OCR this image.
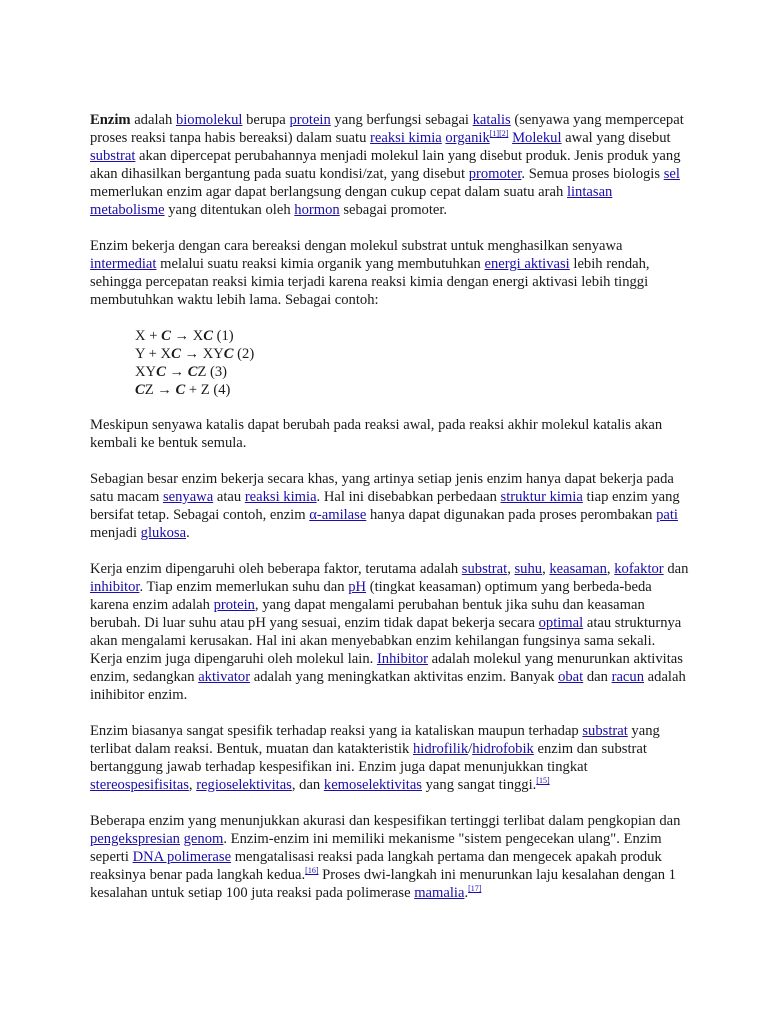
Enzim adalah biomolekul berupa protein yang berfungsi sebagai katalis (senyawa yang mempercepat proses reaksi tanpa habis bereaksi) dalam suatu reaksi kimia organik[1][2] Molekul awal yang disebut substrat akan dipercepat perubahannya menjadi molekul lain yang disebut produk. Jenis produk yang akan dihasilkan bergantung pada suatu kondisi/zat, yang disebut promoter. Semua proses biologis sel memerlukan enzim agar dapat berlangsung dengan cukup cepat dalam suatu arah lintasan metabolisme yang ditentukan oleh hormon sebagai promoter.

Enzim bekerja dengan cara bereaksi dengan molekul substrat untuk menghasilkan senyawa intermediat melalui suatu reaksi kimia organik yang membutuhkan energi aktivasi lebih rendah, sehingga percepatan reaksi kimia terjadi karena reaksi kimia dengan energi aktivasi lebih tinggi membutuhkan waktu lebih lama. Sebagai contoh:

X + C → XC (1)
Y + XC → XYC (2)
XYC → CZ (3)
CZ → C + Z (4)

Meskipun senyawa katalis dapat berubah pada reaksi awal, pada reaksi akhir molekul katalis akan kembali ke bentuk semula.

Sebagian besar enzim bekerja secara khas, yang artinya setiap jenis enzim hanya dapat bekerja pada satu macam senyawa atau reaksi kimia. Hal ini disebabkan perbedaan struktur kimia tiap enzim yang bersifat tetap. Sebagai contoh, enzim α-amilase hanya dapat digunakan pada proses perombakan pati menjadi glukosa.

Kerja enzim dipengaruhi oleh beberapa faktor, terutama adalah substrat, suhu, keasaman, kofaktor dan inhibitor. Tiap enzim memerlukan suhu dan pH (tingkat keasaman) optimum yang berbeda-beda karena enzim adalah protein, yang dapat mengalami perubahan bentuk jika suhu dan keasaman berubah. Di luar suhu atau pH yang sesuai, enzim tidak dapat bekerja secara optimal atau strukturnya akan mengalami kerusakan. Hal ini akan menyebabkan enzim kehilangan fungsinya sama sekali. Kerja enzim juga dipengaruhi oleh molekul lain. Inhibitor adalah molekul yang menurunkan aktivitas enzim, sedangkan aktivator adalah yang meningkatkan aktivitas enzim. Banyak obat dan racun adalah inihibitor enzim.

Enzim biasanya sangat spesifik terhadap reaksi yang ia kataliskan maupun terhadap substrat yang terlibat dalam reaksi. Bentuk, muatan dan katakteristik hidrofilik/hidrofobik enzim dan substrat bertanggung jawab terhadap kespesifikan ini. Enzim juga dapat menunjukkan tingkat stereospesifisitas, regioselektivitas, dan kemoselektivitas yang sangat tinggi.[15]

Beberapa enzim yang menunjukkan akurasi dan kespesifikan tertinggi terlibat dalam pengkopian dan pengekspresian genom. Enzim-enzim ini memiliki mekanisme "sistem pengecekan ulang". Enzim seperti DNA polimerase mengatalisasi reaksi pada langkah pertama dan mengecek apakah produk reaksinya benar pada langkah kedua.[16] Proses dwi-langkah ini menurunkan laju kesalahan dengan 1 kesalahan untuk setiap 100 juta reaksi pada polimerase mamalia.[17]
